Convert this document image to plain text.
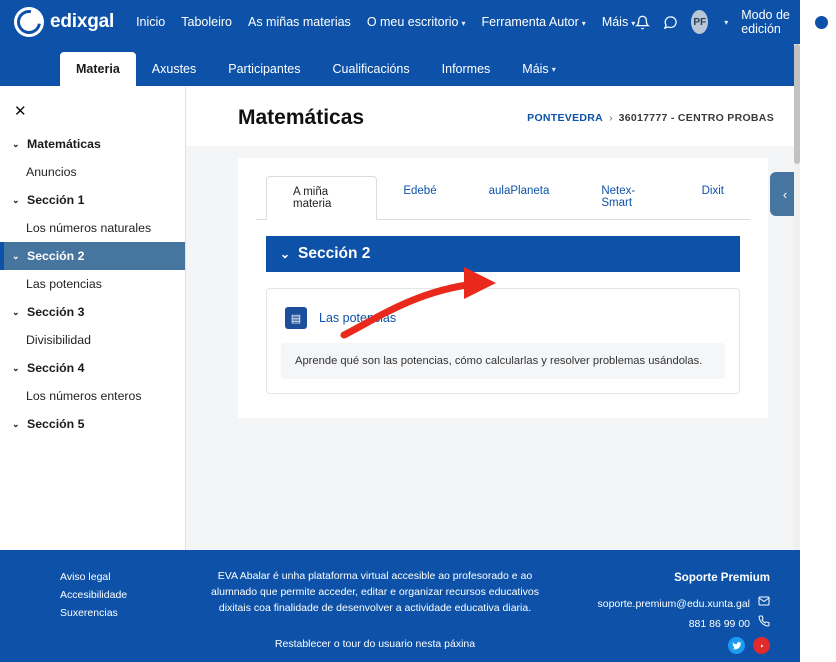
edixgal Inicio Taboleiro As miñas materias O meu escritorio ▾ Ferramenta Autor ▾ Máis ▾	PF ▾ Modo de edición
Materia	Axustes	Participantes	Cualificacións	Informes	Máis ▾
✕
⌄ Matemáticas
Anuncios
⌄ Sección 1
Los números naturales
⌄ Sección 2
Las potencias
⌄ Sección 3
Divisibilidad
⌄ Sección 4
Los números enteros
⌄ Sección 5
Matemáticas	PONTEVEDRA › 36017777 - CENTRO PROBAS
A miña materia
Edebé	aulaPlaneta	Netex-Smart
Dixit
⌄ Sección 2
▤	Las potencias
Aprende qué son las potencias, cómo calcularlas y resolver problemas usándolas.
‹
Aviso legal
Accesibilidade
Suxerencias
EVA Abalar é unha plataforma virtual accesible ao profesorado e ao alumnado que permite acceder, editar e organizar recursos educativos dixitais coa finalidade de desenvolver a actividade educativa diaria.
Restablecer o tour do usuario nesta páxina
Soporte Premium
soporte.premium@edu.xunta.gal
881 86 99 00
